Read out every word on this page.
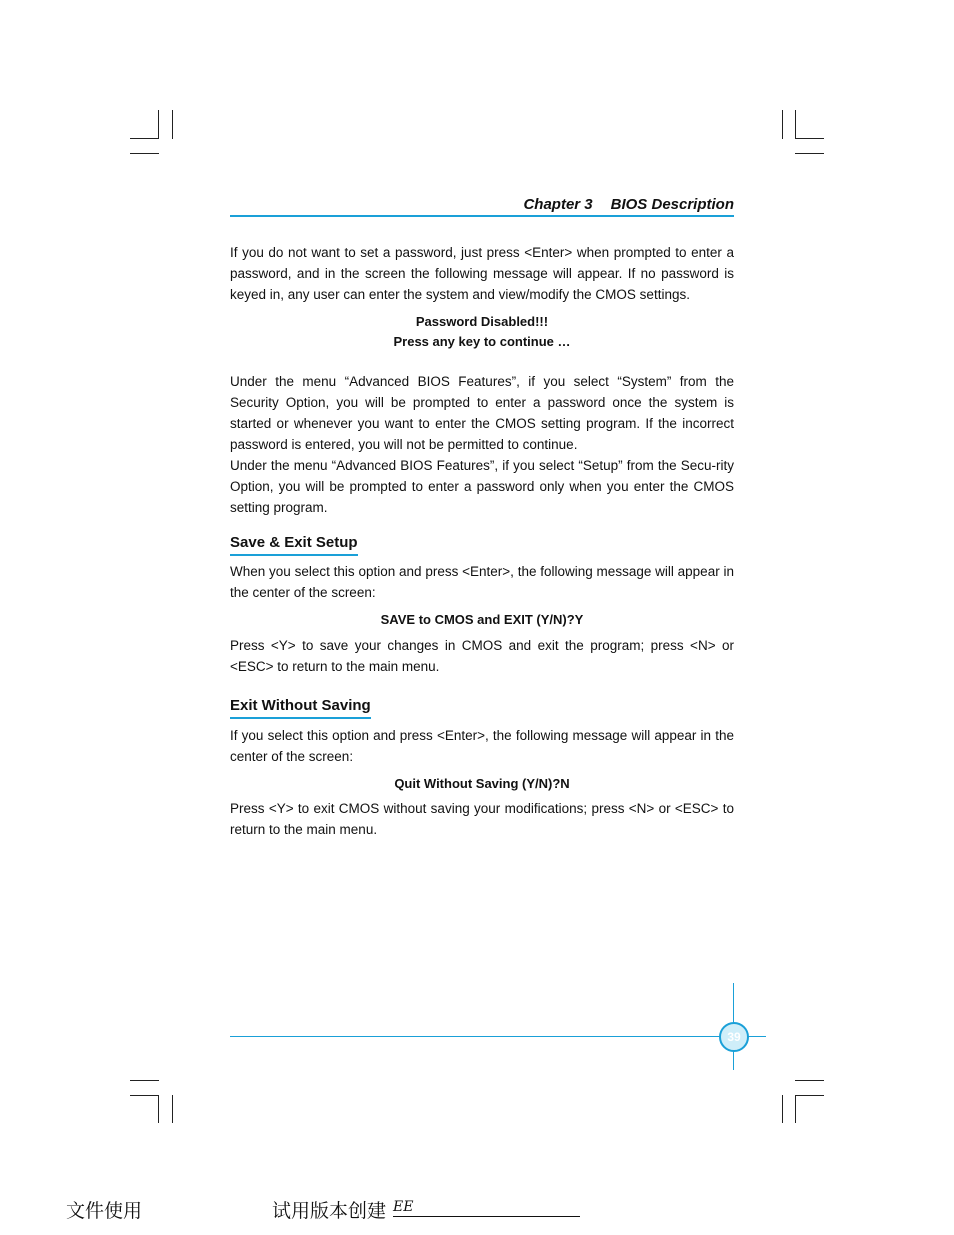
Chapter 3 BIOS Description
If you do not want to set a password, just press <Enter> when prompted to enter a password, and in the screen the following message will appear. If no password is keyed in, any user can enter the system and view/modify the CMOS settings.
Password Disabled!!!
Press any key to continue …
Under the menu “Advanced BIOS Features”, if you select “System” from the Security Option, you will be prompted to enter a password once the system is started or whenever you want to enter the CMOS setting program. If the incorrect password is entered, you will not be permitted to continue.
Under the menu “Advanced BIOS Features”, if you select “Setup” from the Secu-rity Option, you will be prompted to enter a password only when you enter the CMOS setting program.
Save & Exit Setup
When you select this option and press <Enter>, the following message will appear in the center of the screen:
SAVE to CMOS and EXIT (Y/N)?Y
Press <Y> to save your changes in CMOS and exit the program; press <N> or <ESC> to return to the main menu.
Exit Without Saving
If you select this option and press <Enter>, the following message will appear in the center of the screen:
Quit Without Saving (Y/N)?N
Press <Y> to exit CMOS without saving your modifications; press <N> or <ESC> to return to the main menu.
39
文件使用	试用版本创建 EE
